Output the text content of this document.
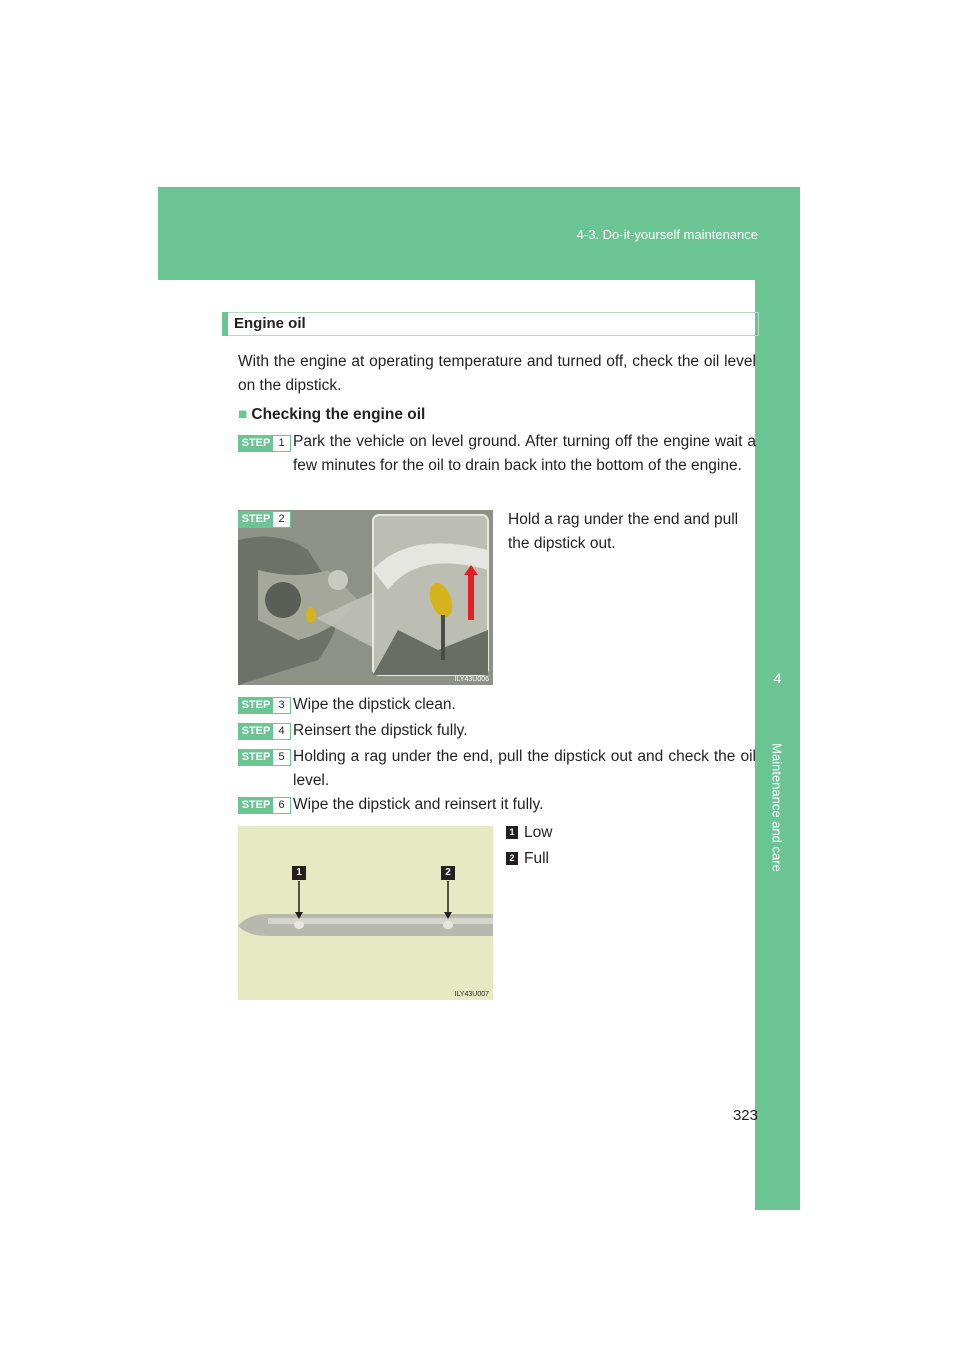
4-3. Do-it-yourself maintenance
4
Maintenance and care
Engine oil
With the engine at operating temperature and turned off, check the oil level on the dipstick.
■ Checking the engine oil
STEP 1 Park the vehicle on level ground. After turning off the engine wait a few minutes for the oil to drain back into the bottom of the engine.
ILY43U006
STEP 2	Hold a rag under the end and pull the dipstick out.
STEP 3 Wipe the dipstick clean.
STEP 4 Reinsert the dipstick fully.
STEP 5 Holding a rag under the end, pull the dipstick out and check the oil level.
STEP 6 Wipe the dipstick and reinsert it fully.
1	2
ILY43U007
1 Low
2 Full
323
